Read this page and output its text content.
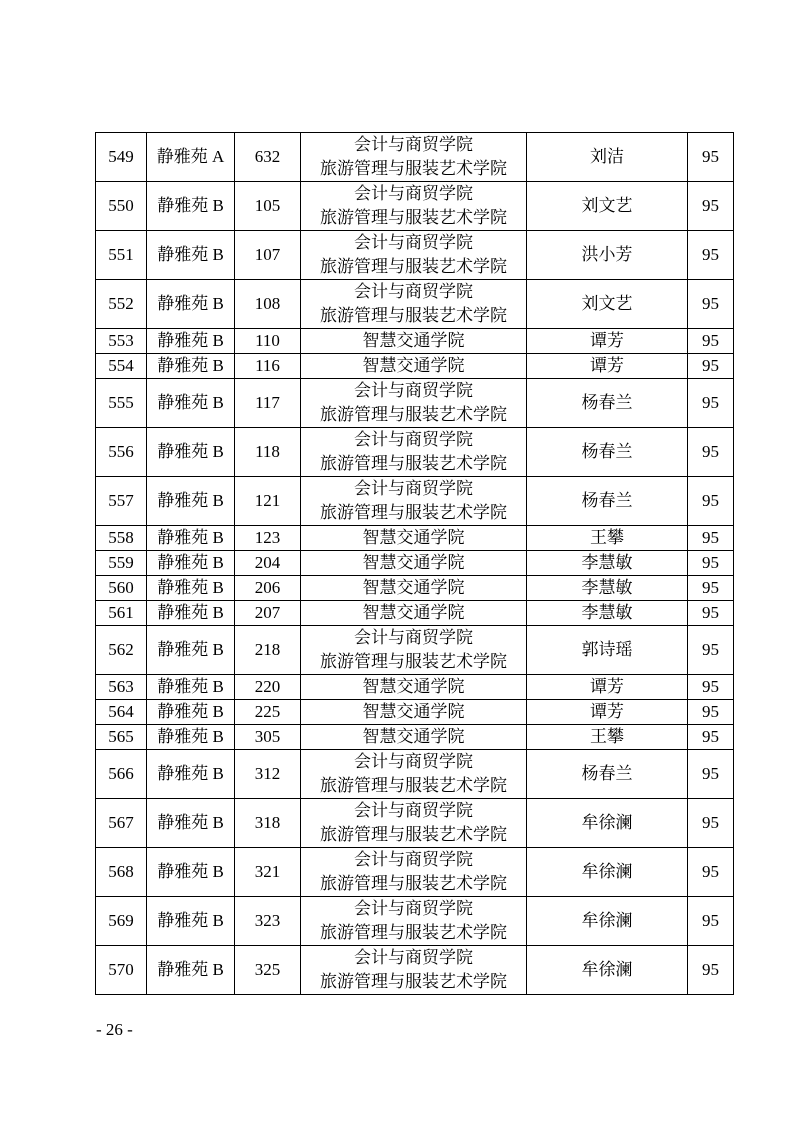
549	静雅苑 A	632	会计与商贸学院
旅游管理与服装艺术学院	刘洁	95
550	静雅苑 B	105	会计与商贸学院
旅游管理与服装艺术学院	刘文艺	95
551	静雅苑 B	107	会计与商贸学院
旅游管理与服装艺术学院	洪小芳	95
552	静雅苑 B	108	会计与商贸学院
旅游管理与服装艺术学院	刘文艺	95
553	静雅苑 B	110	智慧交通学院	谭芳	95
554	静雅苑 B	116	智慧交通学院	谭芳	95
555	静雅苑 B	117	会计与商贸学院
旅游管理与服装艺术学院	杨春兰	95
556	静雅苑 B	118	会计与商贸学院
旅游管理与服装艺术学院	杨春兰	95
557	静雅苑 B	121	会计与商贸学院
旅游管理与服装艺术学院	杨春兰	95
558	静雅苑 B	123	智慧交通学院	王攀	95
559	静雅苑 B	204	智慧交通学院	李慧敏	95
560	静雅苑 B	206	智慧交通学院	李慧敏	95
561	静雅苑 B	207	智慧交通学院	李慧敏	95
562	静雅苑 B	218	会计与商贸学院
旅游管理与服装艺术学院	郭诗瑶	95
563	静雅苑 B	220	智慧交通学院	谭芳	95
564	静雅苑 B	225	智慧交通学院	谭芳	95
565	静雅苑 B	305	智慧交通学院	王攀	95
566	静雅苑 B	312	会计与商贸学院
旅游管理与服装艺术学院	杨春兰	95
567	静雅苑 B	318	会计与商贸学院
旅游管理与服装艺术学院	牟徐澜	95
568	静雅苑 B	321	会计与商贸学院
旅游管理与服装艺术学院	牟徐澜	95
569	静雅苑 B	323	会计与商贸学院
旅游管理与服装艺术学院	牟徐澜	95
570	静雅苑 B	325	会计与商贸学院
旅游管理与服装艺术学院	牟徐澜	95
- 26 -
